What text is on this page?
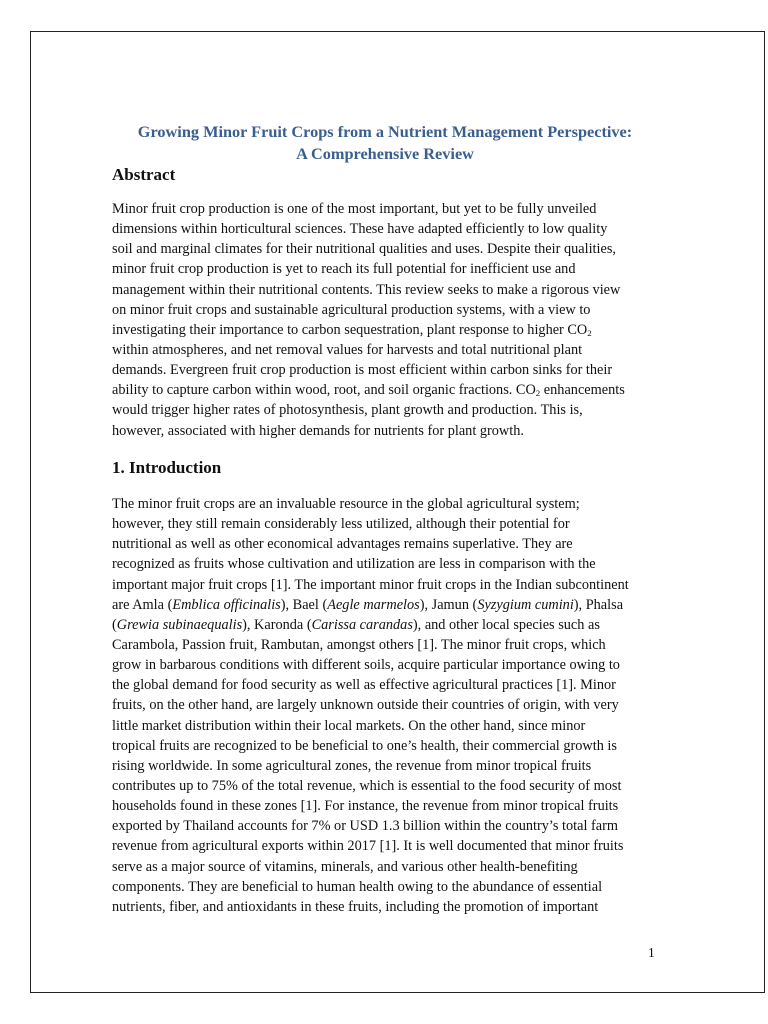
Growing Minor Fruit Crops from a Nutrient Management Perspective:
A Comprehensive Review
Abstract
Minor fruit crop production is one of the most important, but yet to be fully unveiled
dimensions within horticultural sciences. These have adapted efficiently to low quality
soil and marginal climates for their nutritional qualities and uses. Despite their qualities,
minor fruit crop production is yet to reach its full potential for inefficient use and
management within their nutritional contents. This review seeks to make a rigorous view
on minor fruit crops and sustainable agricultural production systems, with a view to
investigating their importance to carbon sequestration, plant response to higher $CO_2$
within atmospheres, and net removal values for harvests and total nutritional plant
demands. Evergreen fruit crop production is most efficient within carbon sinks for their
ability to capture carbon within wood, root, and soil organic fractions. $CO_2$ enhancements
would trigger higher rates of photosynthesis, plant growth and production. This is,
however, associated with higher demands for nutrients for plant growth.
1. Introduction
The minor fruit crops are an invaluable resource in the global agricultural system;
however, they still remain considerably less utilized, although their potential for
nutritional as well as other economical advantages remains superlative. They are
recognized as fruits whose cultivation and utilization are less in comparison with the
important major fruit crops [1]. The important minor fruit crops in the Indian subcontinent
are Amla (Emblica officinalis), Bael (Aegle marmelos), Jamun (Syzygium cumini), Phalsa
(Grewia subinaequalis), Karonda (Carissa carandas), and other local species such as
Carambola, Passion fruit, Rambutan, amongst others [1]. The minor fruit crops, which
grow in barbarous conditions with different soils, acquire particular importance owing to
the global demand for food security as well as effective agricultural practices [1]. Minor
fruits, on the other hand, are largely unknown outside their countries of origin, with very
little market distribution within their local markets. On the other hand, since minor
tropical fruits are recognized to be beneficial to one’s health, their commercial growth is
rising worldwide. In some agricultural zones, the revenue from minor tropical fruits
contributes up to 75% of the total revenue, which is essential to the food security of most
households found in these zones [1]. For instance, the revenue from minor tropical fruits
exported by Thailand accounts for 7% or USD 1.3 billion within the country’s total farm
revenue from agricultural exports within 2017 [1]. It is well documented that minor fruits
serve as a major source of vitamins, minerals, and various other health-benefiting
components. They are beneficial to human health owing to the abundance of essential
nutrients, fiber, and antioxidants in these fruits, including the promotion of important
1
